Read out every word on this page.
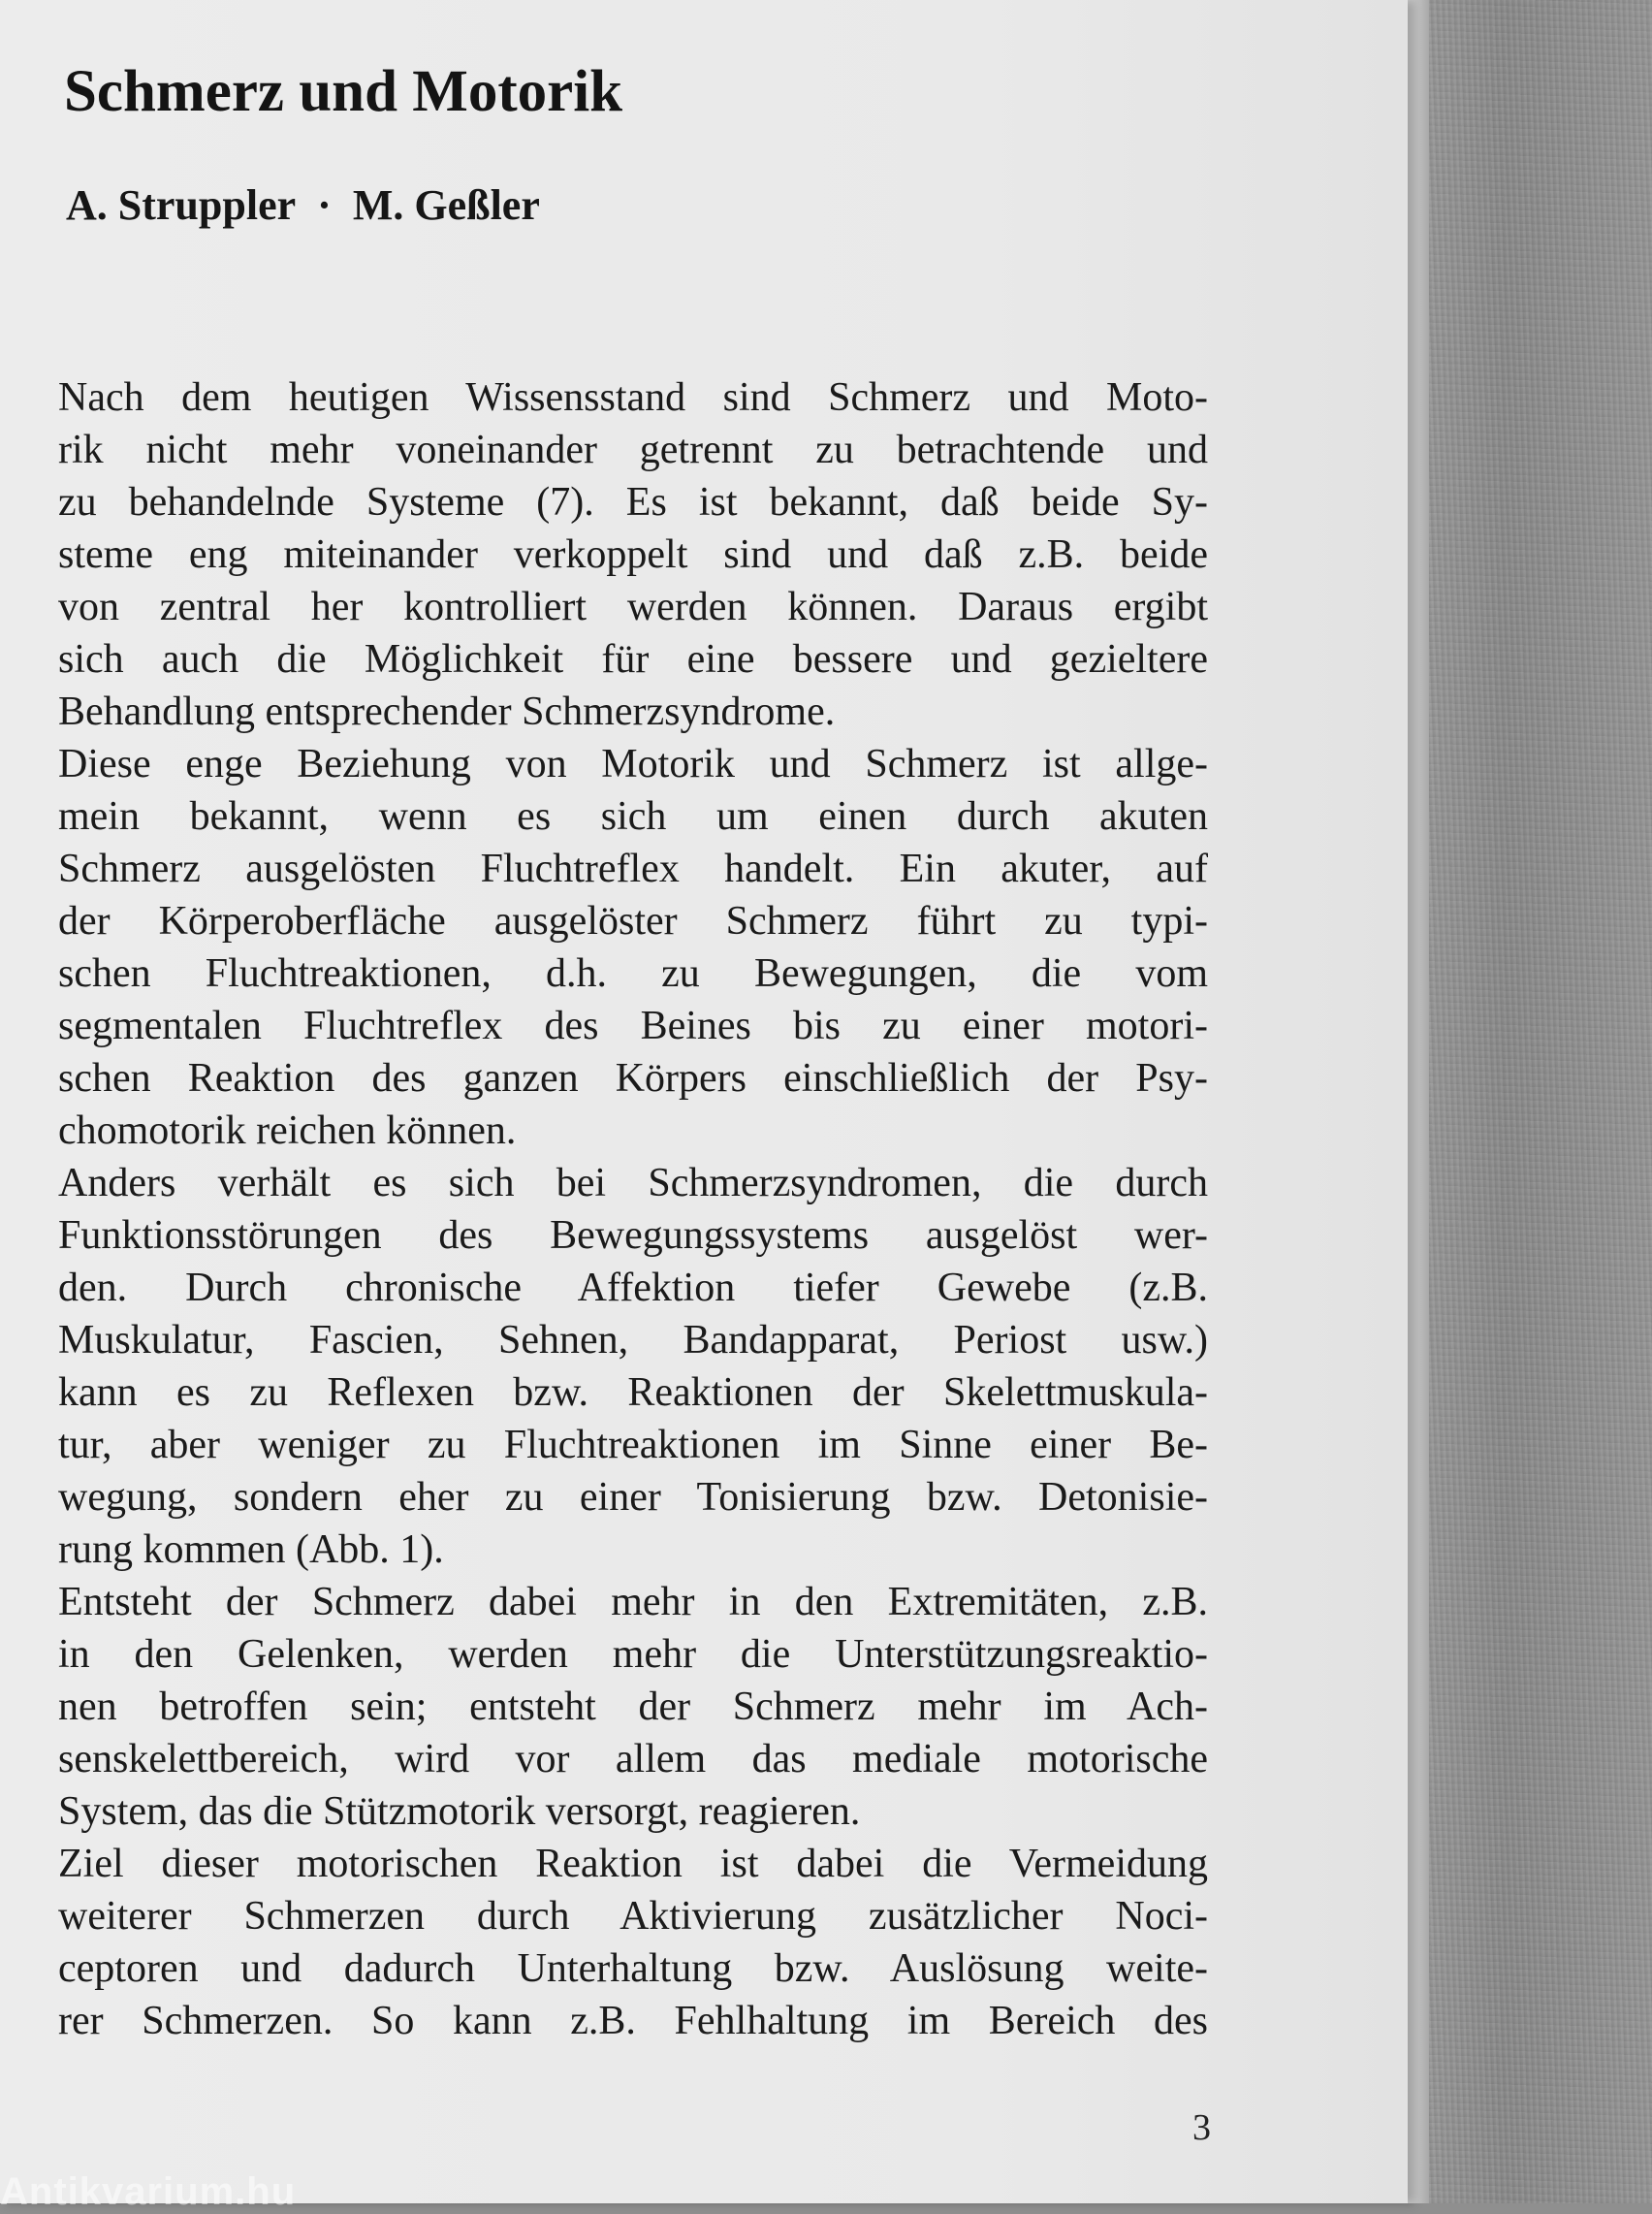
Schmerz und Motorik
A. Struppler · M. Geßler
Nach dem heutigen Wissensstand sind Schmerz und Moto-
rik nicht mehr voneinander getrennt zu betrachtende und
zu behandelnde Systeme (7). Es ist bekannt, daß beide Sy-
steme eng miteinander verkoppelt sind und daß z.B. beide
von zentral her kontrolliert werden können. Daraus ergibt
sich auch die Möglichkeit für eine bessere und gezieltere
Behandlung entsprechender Schmerzsyndrome.
Diese enge Beziehung von Motorik und Schmerz ist allge-
mein bekannt, wenn es sich um einen durch akuten
Schmerz ausgelösten Fluchtreflex handelt. Ein akuter, auf
der Körperoberfläche ausgelöster Schmerz führt zu typi-
schen Fluchtreaktionen, d.h. zu Bewegungen, die vom
segmentalen Fluchtreflex des Beines bis zu einer motori-
schen Reaktion des ganzen Körpers einschließlich der Psy-
chomotorik reichen können.
Anders verhält es sich bei Schmerzsyndromen, die durch
Funktionsstörungen des Bewegungssystems ausgelöst wer-
den. Durch chronische Affektion tiefer Gewebe (z.B.
Muskulatur, Fascien, Sehnen, Bandapparat, Periost usw.)
kann es zu Reflexen bzw. Reaktionen der Skelettmuskula-
tur, aber weniger zu Fluchtreaktionen im Sinne einer Be-
wegung, sondern eher zu einer Tonisierung bzw. Detonisie-
rung kommen (Abb. 1).
Entsteht der Schmerz dabei mehr in den Extremitäten, z.B.
in den Gelenken, werden mehr die Unterstützungsreaktio-
nen betroffen sein; entsteht der Schmerz mehr im Ach-
senskelettbereich, wird vor allem das mediale motorische
System, das die Stützmotorik versorgt, reagieren.
Ziel dieser motorischen Reaktion ist dabei die Vermeidung
weiterer Schmerzen durch Aktivierung zusätzlicher Noci-
ceptoren und dadurch Unterhaltung bzw. Auslösung weite-
rer Schmerzen. So kann z.B. Fehlhaltung im Bereich des
3
Antikvarium.hu
